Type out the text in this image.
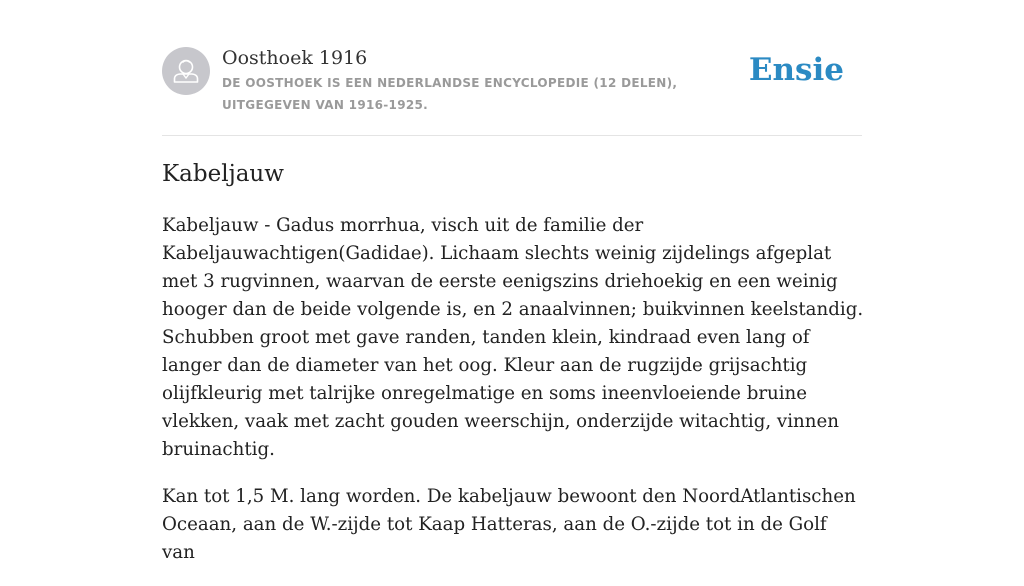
Oosthoek 1916
DE OOSTHOEK IS EEN NEDERLANDSE ENCYCLOPEDIE (12 DELEN), UITGEGEVEN VAN 1916-1925.
Ensie
Kabeljauw

Kabeljauw - Gadus morrhua, visch uit de familie der Kabeljauwachtigen(Gadidae). Lichaam slechts weinig zijdelings afgeplat met 3 rugvinnen, waarvan de eerste eenigszins driehoekig en een weinig hooger dan de beide volgende is, en 2 anaalvinnen; buikvinnen keelstandig. Schubben groot met gave randen, tanden klein, kindraad even lang of langer dan de diameter van het oog. Kleur aan de rugzijde grijsachtig olijfkleurig met talrijke onregelmatige en soms ineenvloeiende bruine vlekken, vaak met zacht gouden weerschijn, onderzijde witachtig, vinnen bruinachtig.

Kan tot 1,5 M. lang worden. De kabeljauw bewoont den NoordAtlantischen Oceaan, aan de W.-zijde tot Kaap Hatteras, aan de O.-zijde tot in de Golf van
